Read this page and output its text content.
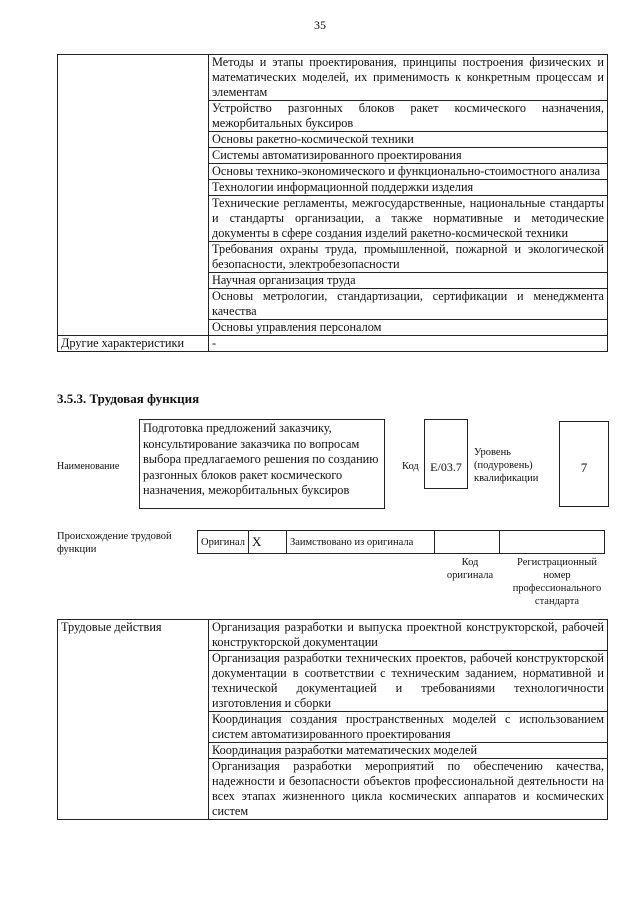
35
	Методы и этапы проектирования, принципы построения физических и математических моделей, их применимость к конкретным процессам и элементам
	Устройство разгонных блоков ракет космического назначения, межорбитальных буксиров
	Основы ракетно-космической техники
	Системы автоматизированного проектирования
	Основы технико-экономического и функционально-стоимостного анализа
	Технологии информационной поддержки изделия
	Технические регламенты, межгосударственные, национальные стандарты и стандарты организации, а также нормативные и методические документы в сфере создания изделий ракетно-космической техники
	Требования охраны труда, промышленной, пожарной и экологической безопасности, электробезопасности
	Научная организация труда
	Основы метрологии, стандартизации, сертификации и менеджмента качества
	Основы управления персоналом
Другие характеристики	-
3.5.3. Трудовая функция
Наименование
Подготовка предложений заказчику, консультирование заказчика по вопросам выбора предлагаемого решения по созданию разгонных блоков ракет космического назначения, межорбитальных буксиров
Код E/03.7
Уровень (подуровень) квалификации
7
Происхождение трудовой функции
Оригинал	X	Заимствовано из оригинала		
Код оригинала
Регистрационный номер профессионального стандарта
Трудовые действия	Организация разработки и выпуска проектной конструкторской, рабочей конструкторской документации
Организация разработки технических проектов, рабочей конструкторской документации в соответствии с техническим заданием, нормативной и технической документацией и требованиями технологичности изготовления и сборки
Координация создания пространственных моделей с использованием систем автоматизированного проектирования
Координация разработки математических моделей
Организация разработки мероприятий по обеспечению качества, надежности и безопасности объектов профессиональной деятельности на всех этапах жизненного цикла космических аппаратов и космических систем
